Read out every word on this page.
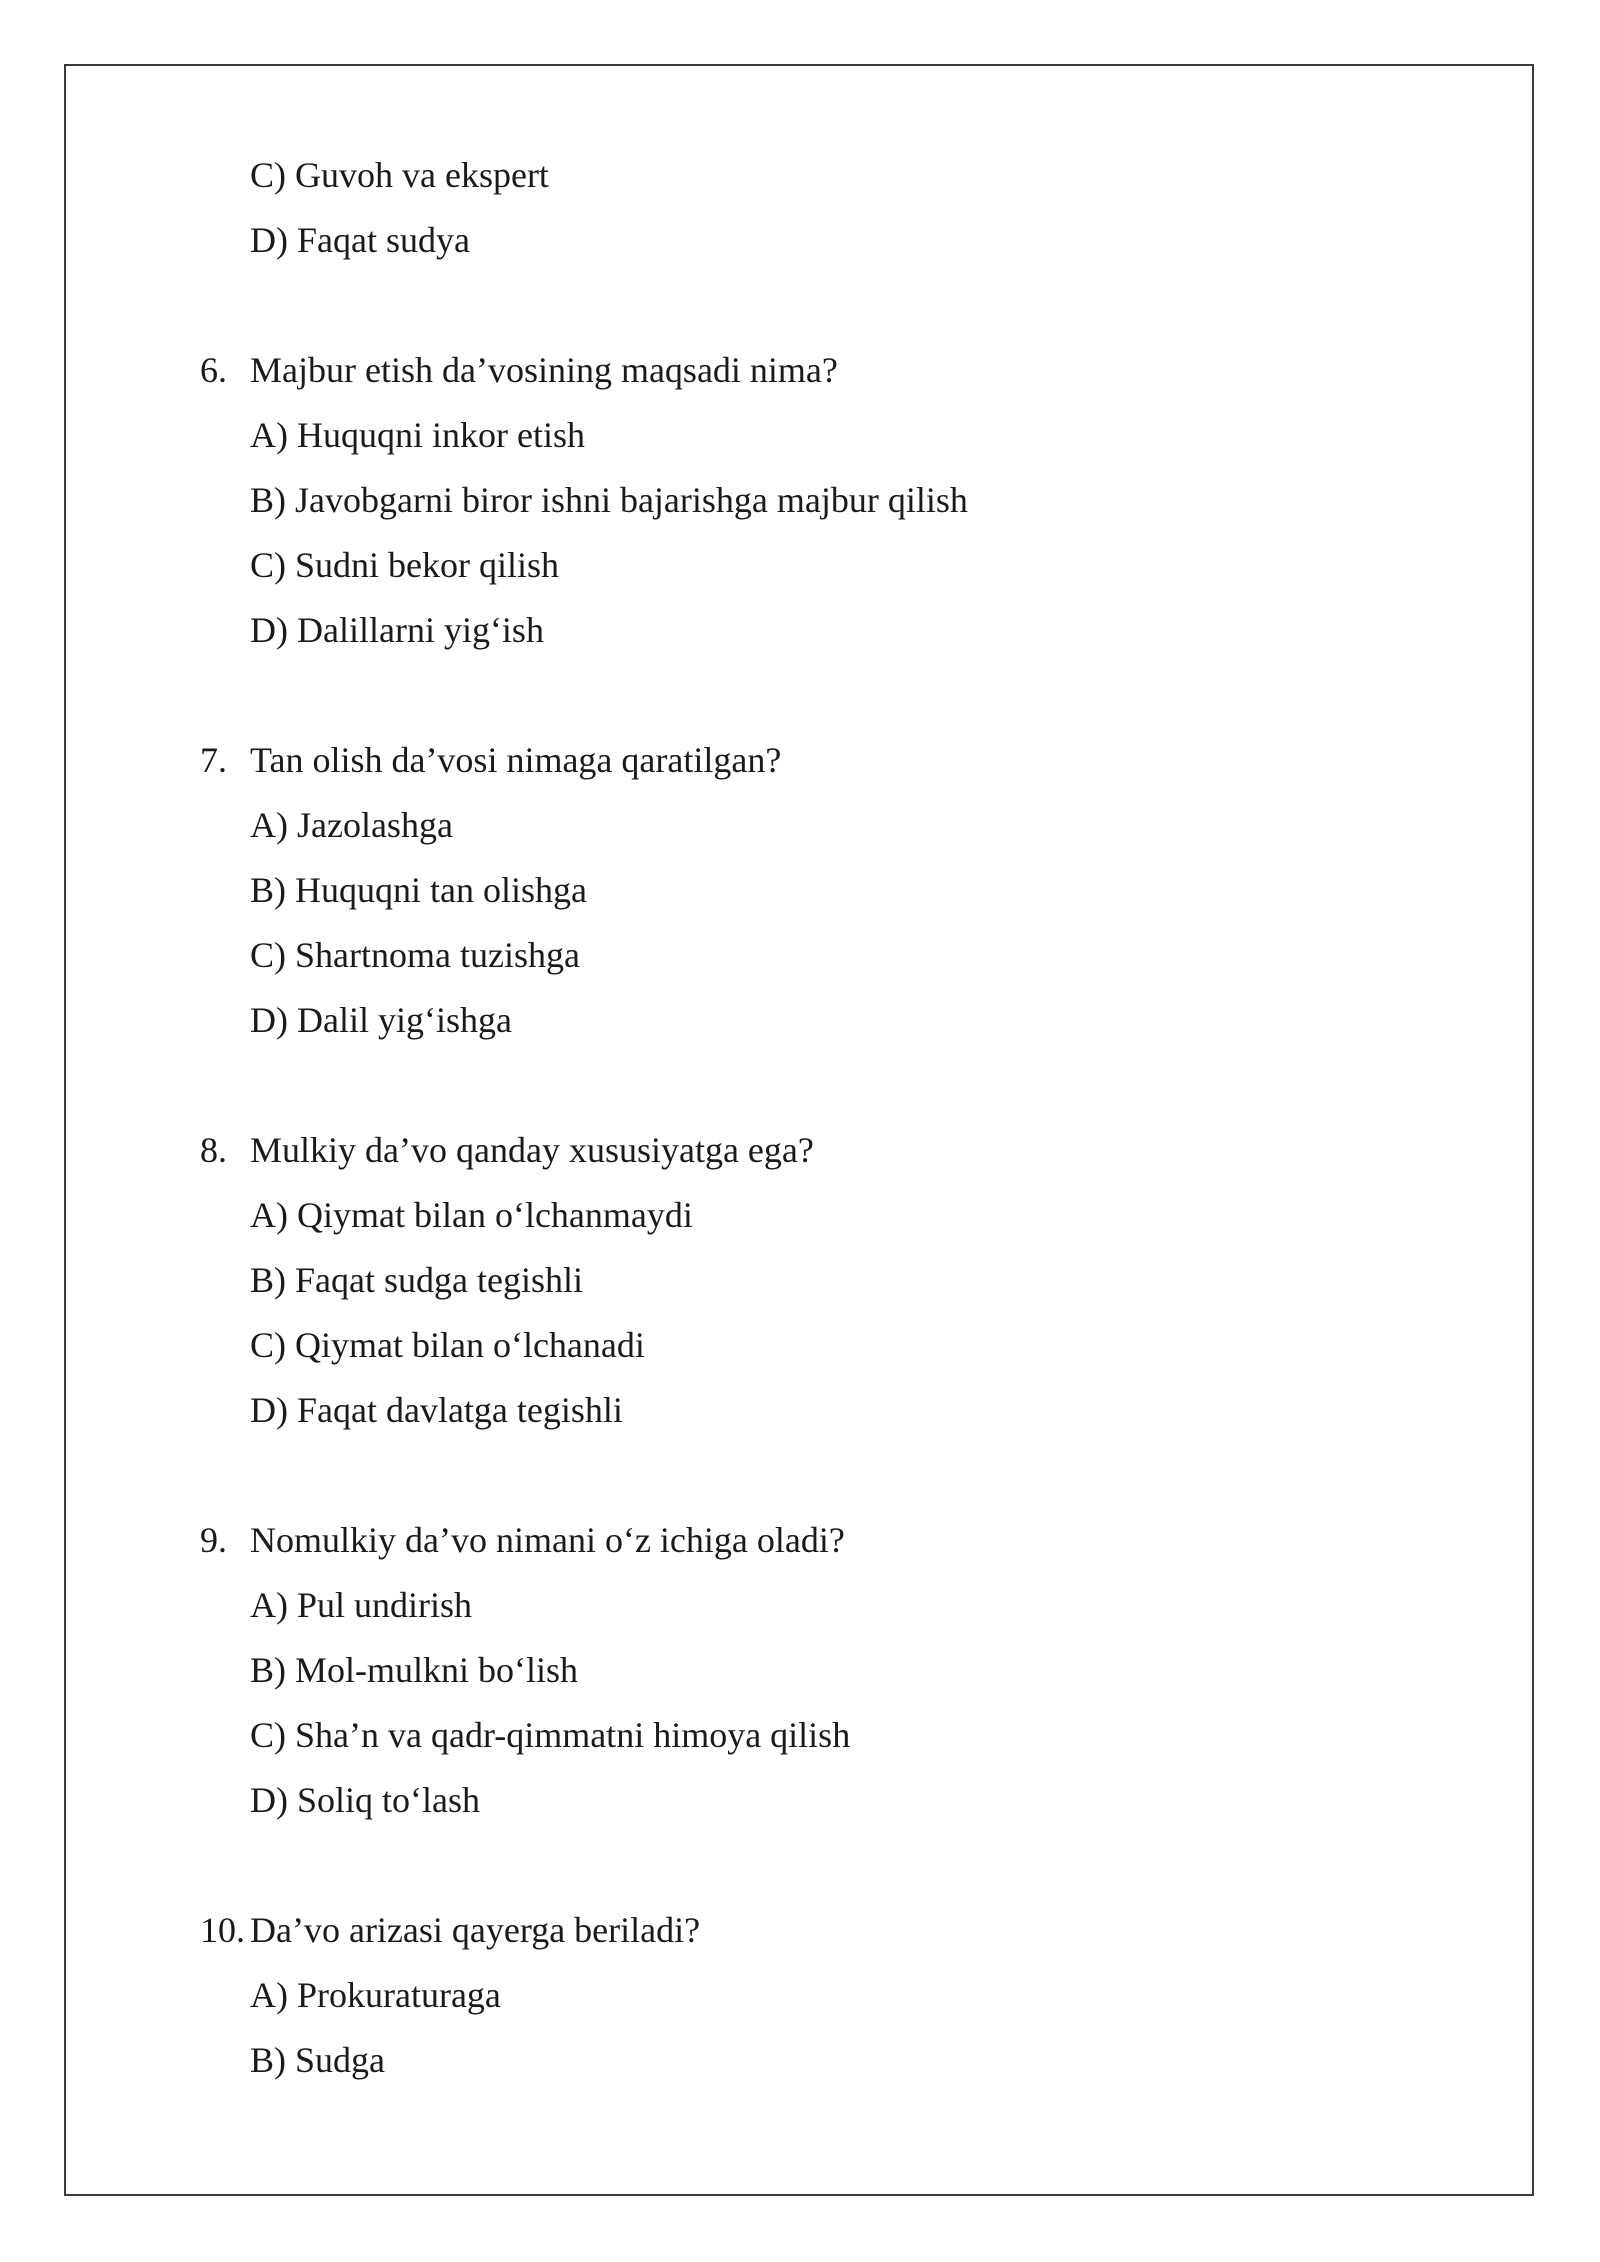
C) Guvoh va ekspert
D) Faqat sudya
6. Majbur etish da’vosining maqsadi nima?
A) Huquqni inkor etish
B) Javobgarni biror ishni bajarishga majbur qilish
C) Sudni bekor qilish
D) Dalillarni yig‘ish
7. Tan olish da’vosi nimaga qaratilgan?
A) Jazolashga
B) Huquqni tan olishga
C) Shartnoma tuzishga
D) Dalil yig‘ishga
8. Mulkiy da’vo qanday xususiyatga ega?
A) Qiymat bilan o‘lchanmaydi
B) Faqat sudga tegishli
C) Qiymat bilan o‘lchanadi
D) Faqat davlatga tegishli
9. Nomulkiy da’vo nimani o‘z ichiga oladi?
A) Pul undirish
B) Mol-mulkni bo‘lish
C) Sha’n va qadr-qimmatni himoya qilish
D) Soliq to‘lash
10. Da’vo arizasi qayerga beriladi?
A) Prokuraturaga
B) Sudga
